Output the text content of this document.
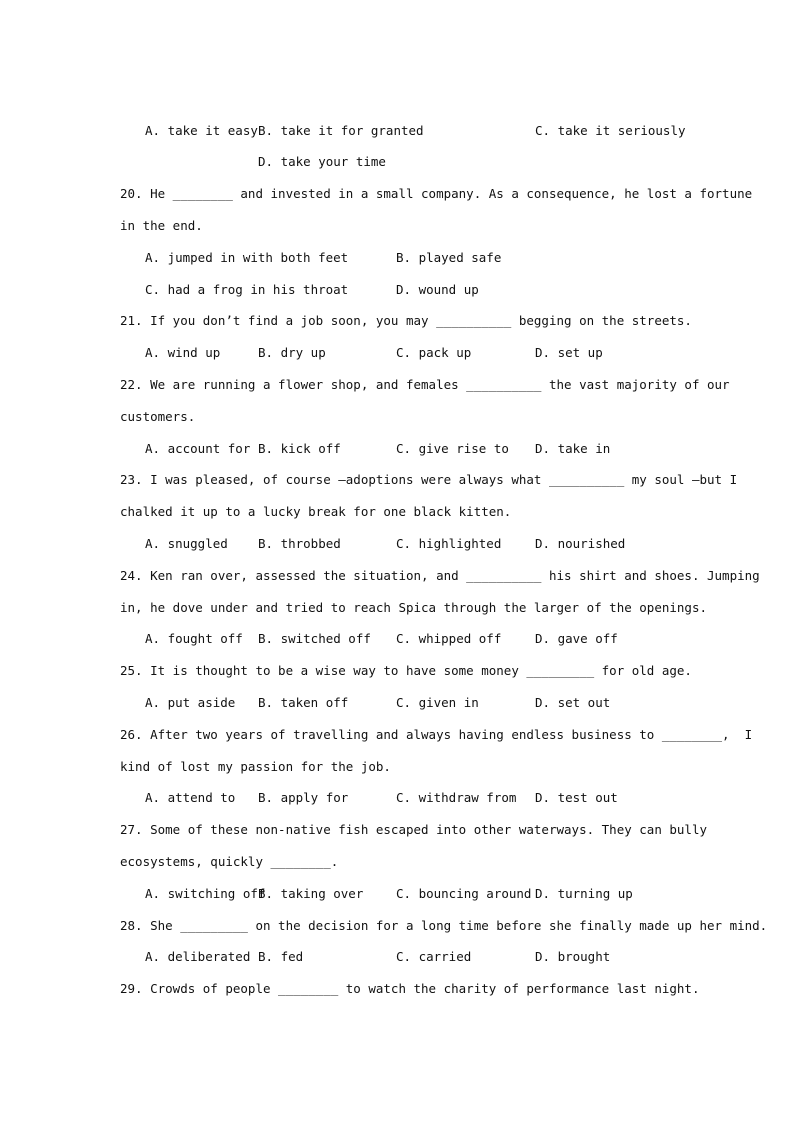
A. take it easy B. take it for granted	C. take it seriously
D. take your time
20. He ________ and invested in a small company. As a consequence, he lost a fortune
in the end.
A. jumped in with both feet	B. played safe
C. had a frog in his throat	D. wound up
21. If you don’t find a job soon, you may __________ begging on the streets.
A. wind up	B. dry up	C. pack up	D. set up
22. We are running a flower shop, and females __________ the vast majority of our
customers.
A. account for B. kick off	C. give rise to D. take in
23. I was pleased, of course —adoptions were always what __________ my soul —but I
chalked it up to a lucky break for one black kitten.
A. snuggled B. throbbed	C. highlighted	D. nourished
24. Ken ran over, assessed the situation, and __________ his shirt and shoes. Jumping
in, he dove under and tried to reach Spica through the larger of the openings.
A. fought off B. switched off C. whipped off	D. gave off
25. It is thought to be a wise way to have some money _________ for old age.
A. put aside B. taken off	C. given in	D. set out
26. After two years of travelling and always having endless business to ________,  I
kind of lost my passion for the job.
A. attend to B. apply for	C. withdraw from D. test out
27. Some of these non-native fish escaped into other waterways. They can bully
ecosystems, quickly ________.
A. switching off
B. taking over	C. bouncing around D. turning up
28. She _________ on the decision for a long time before she finally made up her mind.
A. deliberated B. fed	C. carried	D. brought
29. Crowds of people ________ to watch the charity of performance last night.
